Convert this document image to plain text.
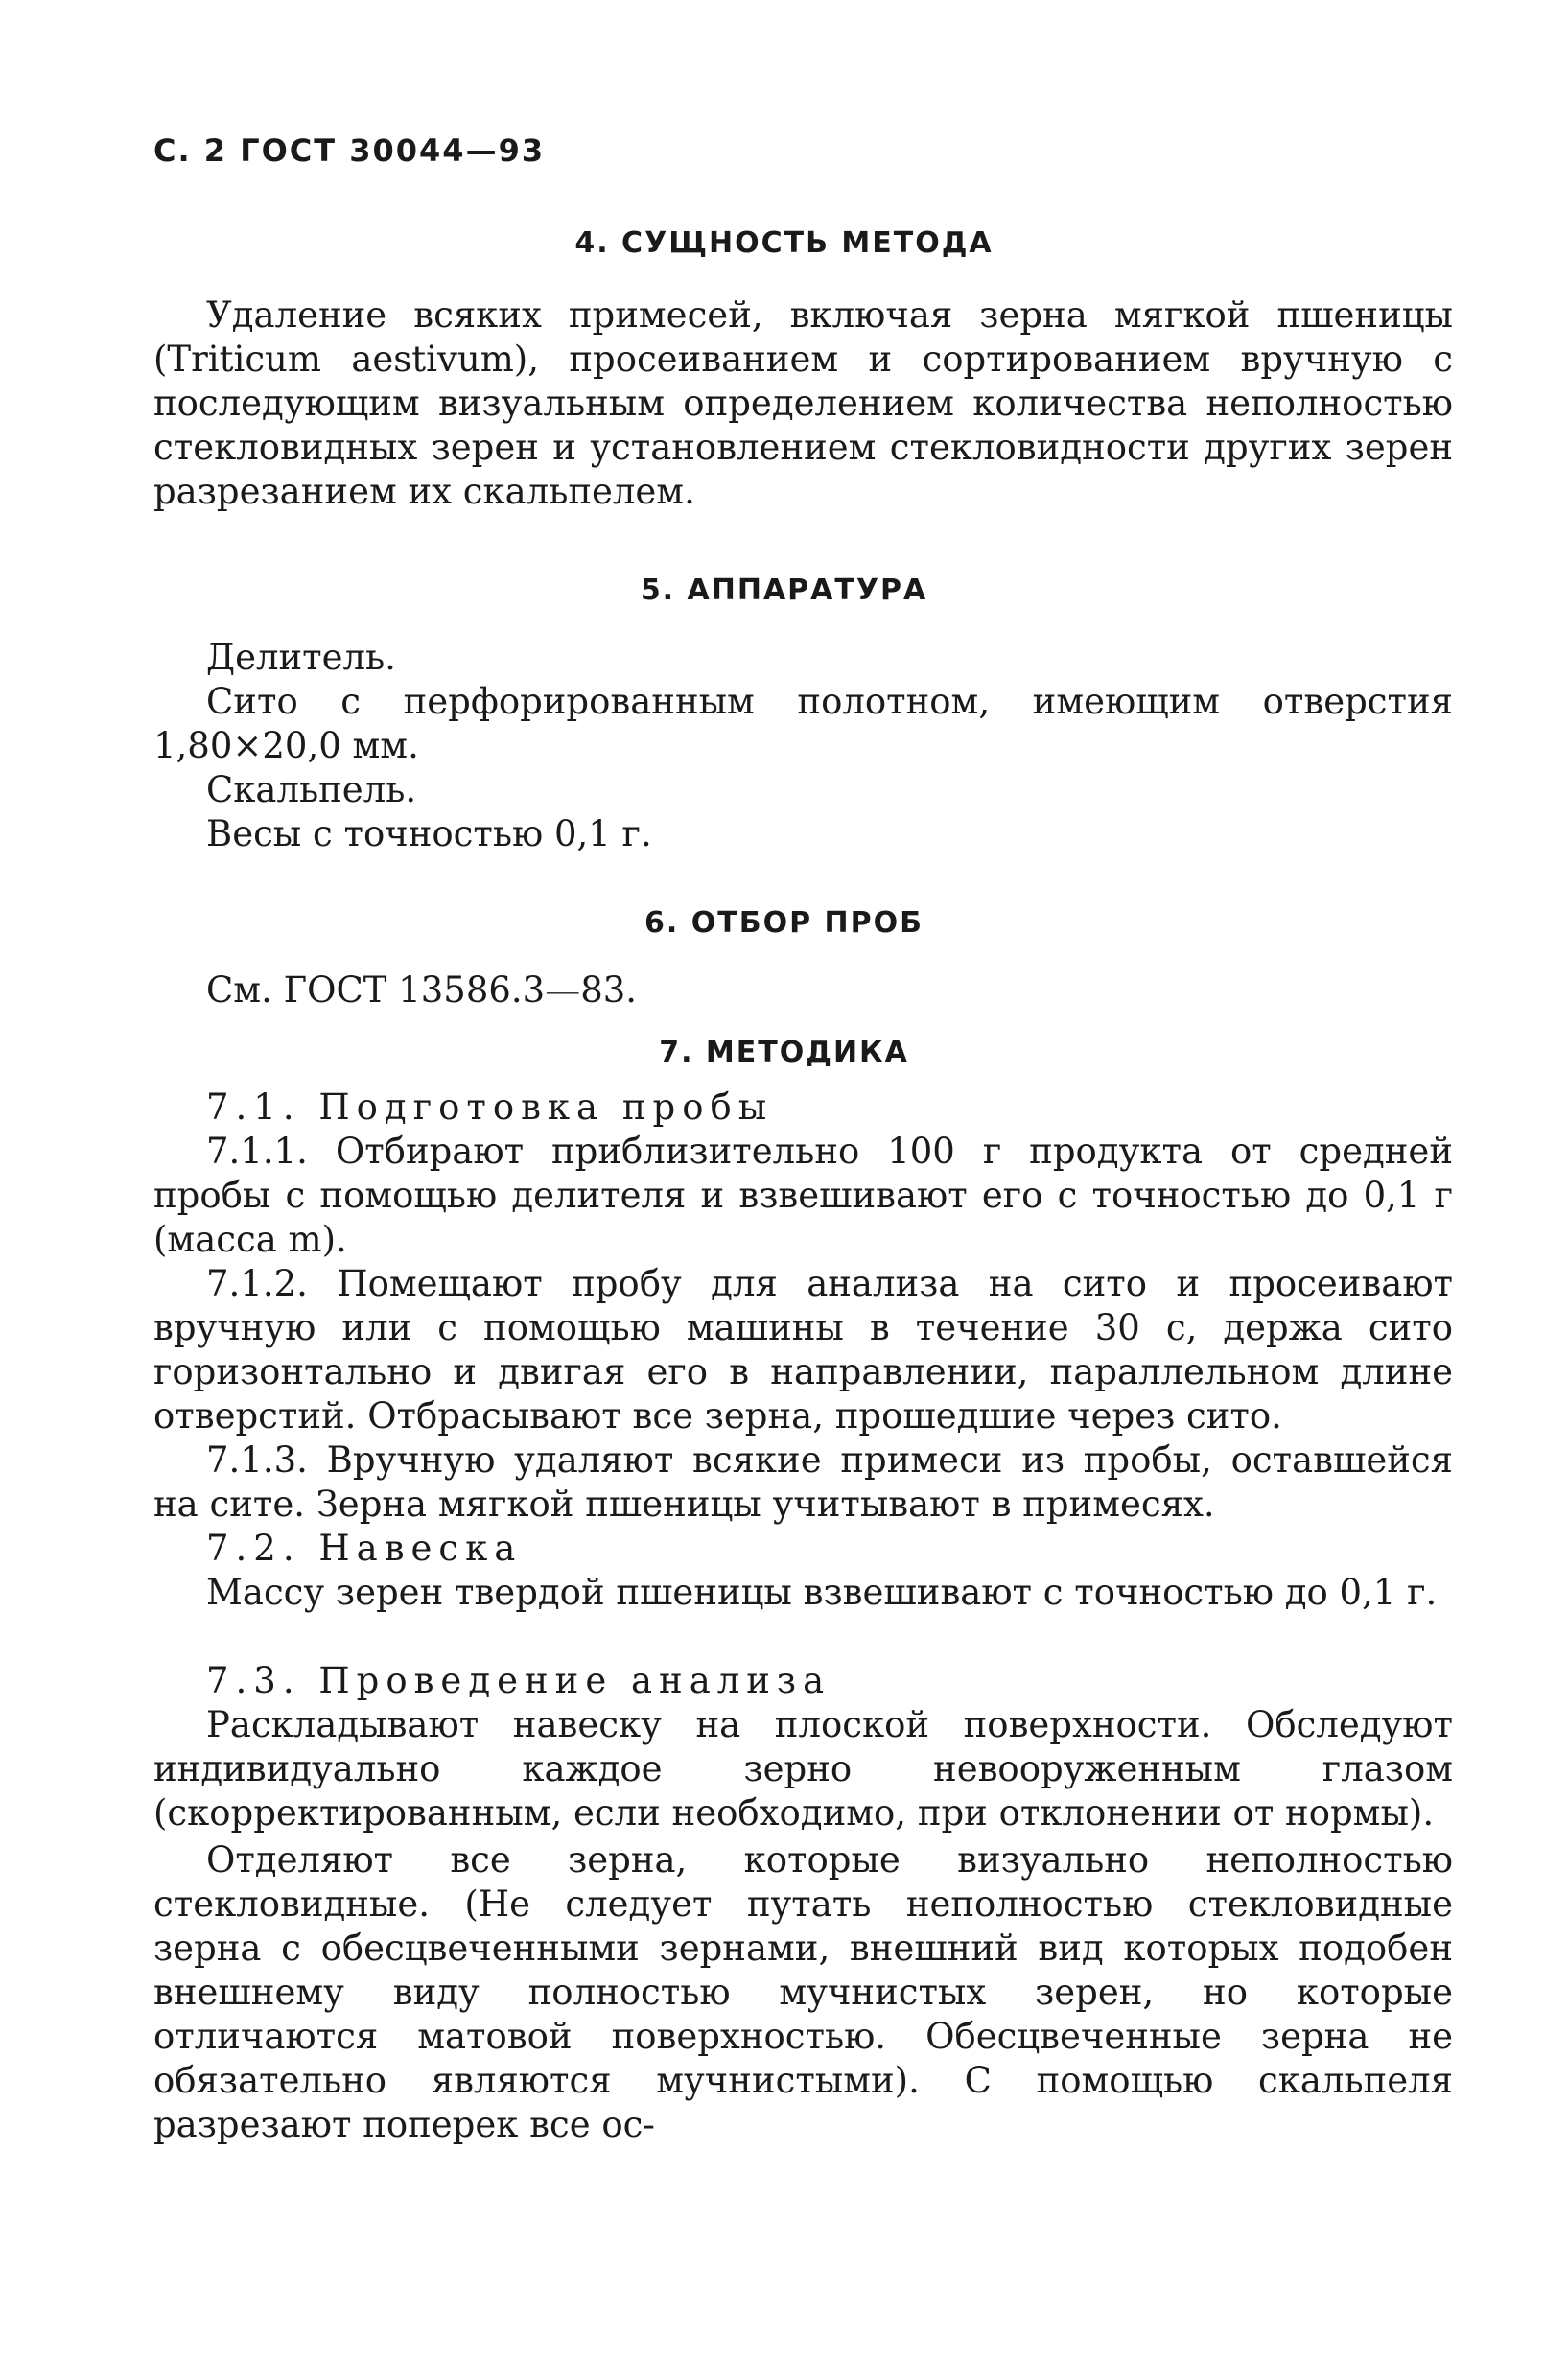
С. 2 ГОСТ 30044—93
4. СУЩНОСТЬ МЕТОДА

Удаление всяких примесей, включая зерна мягкой пшеницы (Triticum aestivum), просеиванием и сортированием вручную с последующим визуальным определением количества неполностью стекловидных зерен и установлением стекловидности других зерен разрезанием их скальпелем.

5. АППАРАТУРА

Делитель.

Сито с перфорированным полотном, имеющим отверстия 1,80×20,0 мм.

Скальпель.

Весы с точностью 0,1 г.

6. ОТБОР ПРОБ

См. ГОСТ 13586.3—83.

7. МЕТОДИКА

7.1. Подготовка пробы

7.1.1. Отбирают приблизительно 100 г продукта от средней пробы с помощью делителя и взвешивают его с точностью до 0,1 г (масса m).

7.1.2. Помещают пробу для анализа на сито и просеивают вручную или с помощью машины в течение 30 с, держа сито горизонтально и двигая его в направлении, параллельном длине отверстий. Отбрасывают все зерна, прошедшие через сито.

7.1.3. Вручную удаляют всякие примеси из пробы, оставшейся на сите. Зерна мягкой пшеницы учитывают в примесях.

7.2. Навеска

Массу зерен твердой пшеницы взвешивают с точностью до 0,1 г.

7.3. Проведение анализа

Раскладывают навеску на плоской поверхности. Обследуют индивидуально каждое зерно невооруженным глазом (скорректированным, если необходимо, при отклонении от нормы).

Отделяют все зерна, которые визуально неполностью стекловидные. (Не следует путать неполностью стекловидные зерна с обесцвеченными зернами, внешний вид которых подобен внешнему виду полностью мучнистых зерен, но которые отличаются матовой поверхностью. Обесцвеченные зерна не обязательно являются мучнистыми). С помощью скальпеля разрезают поперек все ос-
